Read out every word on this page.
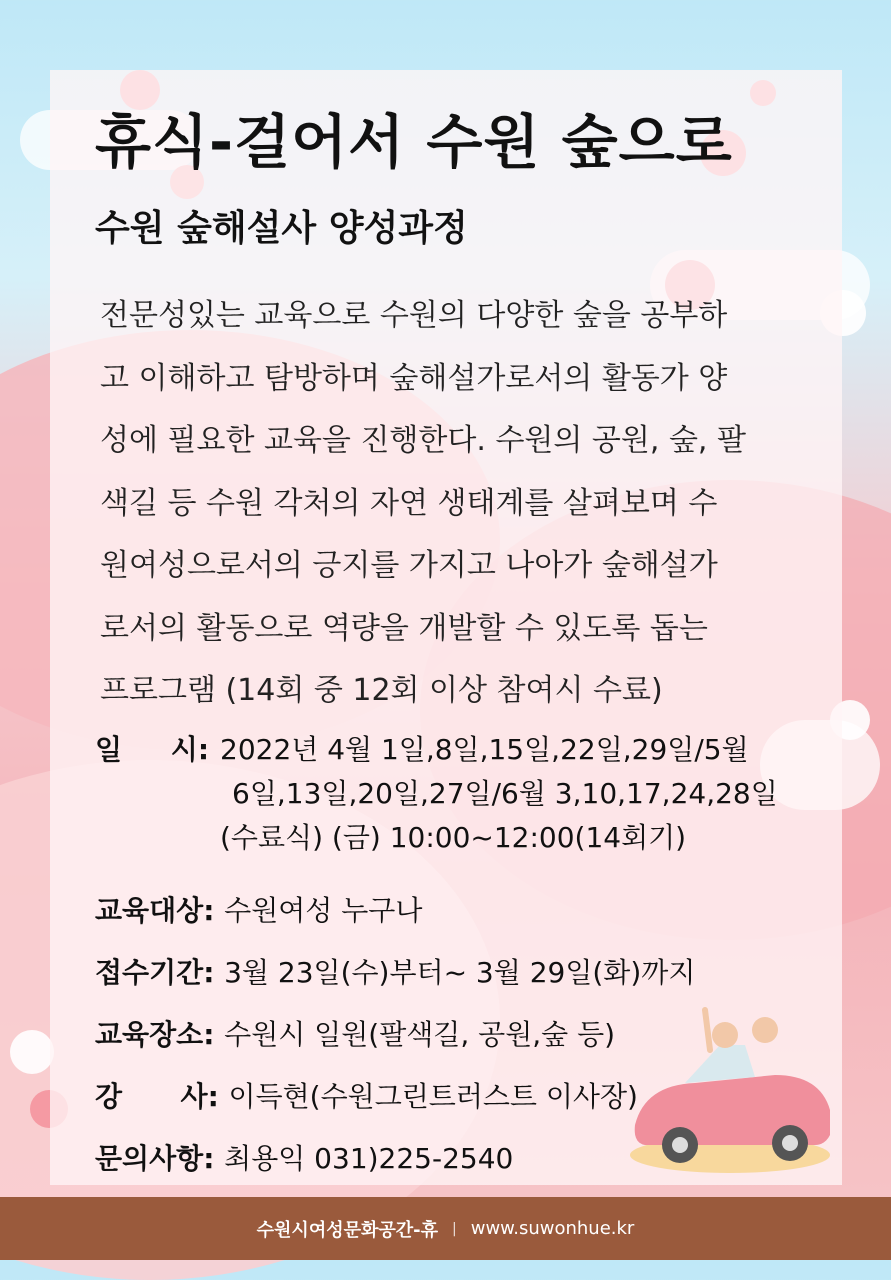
휴식-걸어서 수원 숲으로
수원 숲해설사 양성과정

전문성있는 교육으로 수원의 다양한 숲을 공부하
고 이해하고 탐방하며 숲해설가로서의 활동가 양
성에 필요한 교육을 진행한다. 수원의 공원, 숲, 팔
색길 등 수원 각처의 자연 생태계를 살펴보며 수
원여성으로서의 긍지를 가지고 나아가 숲해설가
로서의 활동으로 역량을 개발할 수 있도록 돕는
프로그램 (14회 중 12회 이상 참여시 수료)

일     시: 2022년 4월 1일,8일,15일,22일,29일/5월
6일,13일,20일,27일/6월 3,10,17,24,28일
(수료식) (금) 10:00~12:00(14회기)
교육대상: 수원여성 누구나
접수기간: 3월 23일(수)부터~ 3월 29일(화)까지
교육장소: 수원시 일원(팔색길, 공원,숲 등)
강      사: 이득현(수원그린트러스트 이사장)
문의사항: 최용익 031)225-2540
수원시여성문화공간-휴 | www.suwonhue.kr
